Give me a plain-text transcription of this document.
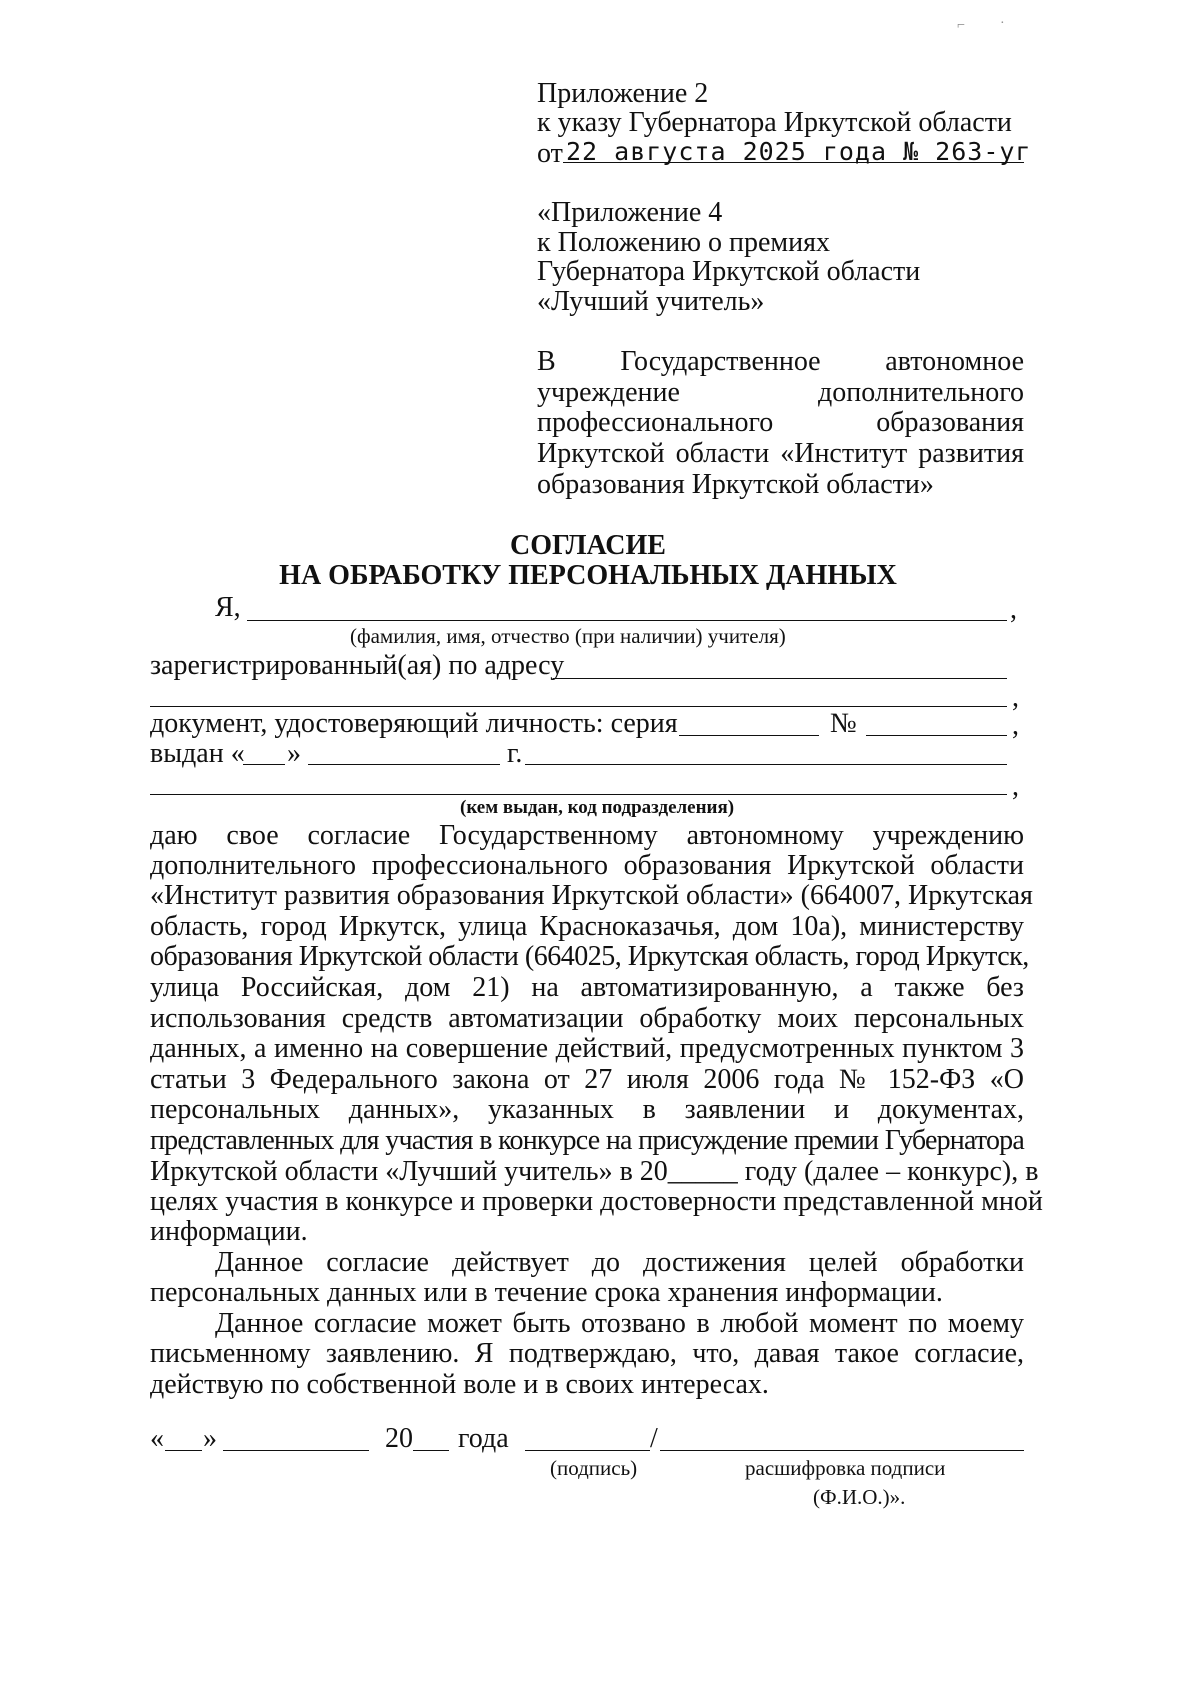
⌐	·
Приложение 2
к указу Губернатора Иркутской области
от 22 августа 2025 года № 263-уг
«Приложение 4
к Положению о премиях
Губернатора Иркутской области
«Лучший учитель»
В Государственное автономное
учреждение дополнительного
профессионального образования
Иркутской области «Институт развития
образования Иркутской области»
СОГЛАСИЕ
НА ОБРАБОТКУ ПЕРСОНАЛЬНЫХ ДАННЫХ
Я,	,
(фамилия, имя, отчество (при наличии) учителя)
зарегистрированный(ая) по адресу
,
документ, удостоверяющий личность: серия	№	,
выдан « »	г.
,
(кем выдан, код подразделения)
даю свое согласие Государственному автономному учреждению
дополнительного профессионального образования Иркутской области
«Институт развития образования Иркутской области» (664007, Иркутская
область, город Иркутск, улица Красноказачья, дом 10а), министерству
образования Иркутской области (664025, Иркутская область, город Иркутск,
улица Российская, дом 21) на автоматизированную, а также без
использования средств автоматизации обработку моих персональных
данных, а именно на совершение действий, предусмотренных пунктом 3
статьи 3 Федерального закона от 27 июля 2006 года № 152-ФЗ «О
персональных данных», указанных в заявлении и документах,
представленных для участия в конкурсе на присуждение премии Губернатора
Иркутской области «Лучший учитель» в 20_____ году (далее – конкурс), в
целях участия в конкурсе и проверки достоверности представленной мной
информации.
Данное согласие действует до достижения целей обработки
персональных данных или в течение срока хранения информации.
Данное согласие может быть отозвано в любой момент по моему
письменному заявлению. Я подтверждаю, что, давая такое согласие,
действую по собственной воле и в своих интересах.
« »	20 года	/
(подпись)	расшифровка подписи
(Ф.И.О.)».
